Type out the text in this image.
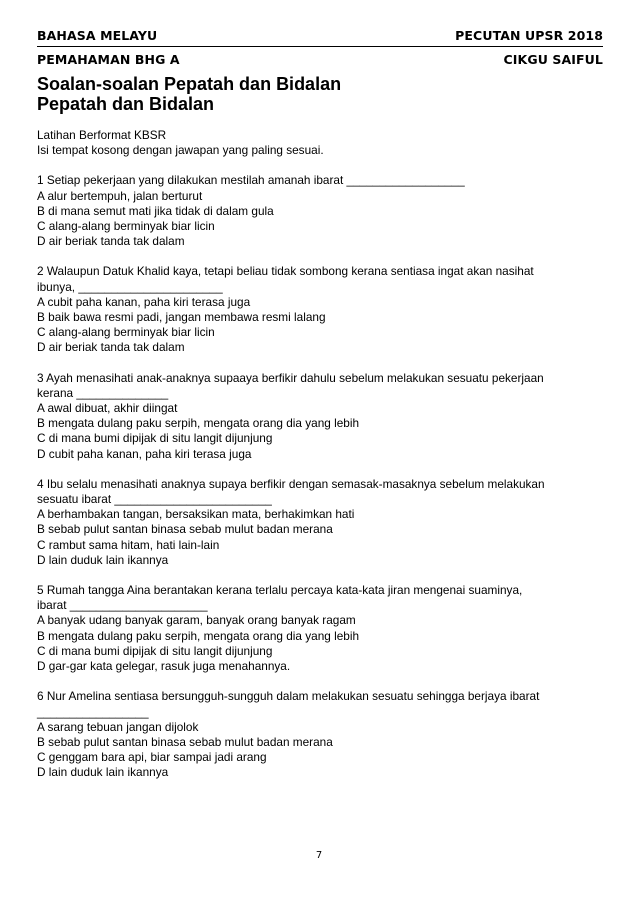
BAHASA MELAYU	PECUTAN UPSR 2018
PEMAHAMAN BHG A	CIKGU SAIFUL
Soalan-soalan Pepatah dan Bidalan
Pepatah dan Bidalan

Latihan Berformat KBSR

Isi tempat kosong dengan jawapan yang paling sesuai.

1 Setiap pekerjaan yang dilakukan mestilah amanah ibarat __________________

A alur bertempuh, jalan berturut

B di mana semut mati jika tidak di dalam gula

C alang-alang berminyak biar licin

D air beriak tanda tak dalam

2 Walaupun Datuk Khalid kaya, tetapi beliau tidak sombong kerana sentiasa ingat akan nasihat

ibunya, ______________________

A cubit paha kanan, paha kiri terasa juga

B baik bawa resmi padi, jangan membawa resmi lalang

C alang-alang berminyak biar licin

D air beriak tanda tak dalam

3 Ayah menasihati anak-anaknya supaaya berfikir dahulu sebelum melakukan sesuatu pekerjaan

kerana ______________

A awal dibuat, akhir diingat

B mengata dulang paku serpih, mengata orang dia yang lebih

C di mana bumi dipijak di situ langit dijunjung

D cubit paha kanan, paha kiri terasa juga

4 Ibu selalu menasihati anaknya supaya berfikir dengan semasak-masaknya sebelum melakukan

sesuatu ibarat ________________________

A berhambakan tangan, bersaksikan mata, berhakimkan hati

B sebab pulut santan binasa sebab mulut badan merana

C rambut sama hitam, hati lain-lain

D lain duduk lain ikannya

5 Rumah tangga Aina berantakan kerana terlalu percaya kata-kata jiran mengenai suaminya,

ibarat _____________________

A banyak udang banyak garam, banyak orang banyak ragam

B mengata dulang paku serpih, mengata orang dia yang lebih

C di mana bumi dipijak di situ langit dijunjung

D gar-gar kata gelegar, rasuk juga menahannya.

6 Nur Amelina sentiasa bersungguh-sungguh dalam melakukan sesuatu sehingga berjaya ibarat

_________________

A sarang tebuan jangan dijolok

B sebab pulut santan binasa sebab mulut badan merana

C genggam bara api, biar sampai jadi arang

D lain duduk lain ikannya

7
